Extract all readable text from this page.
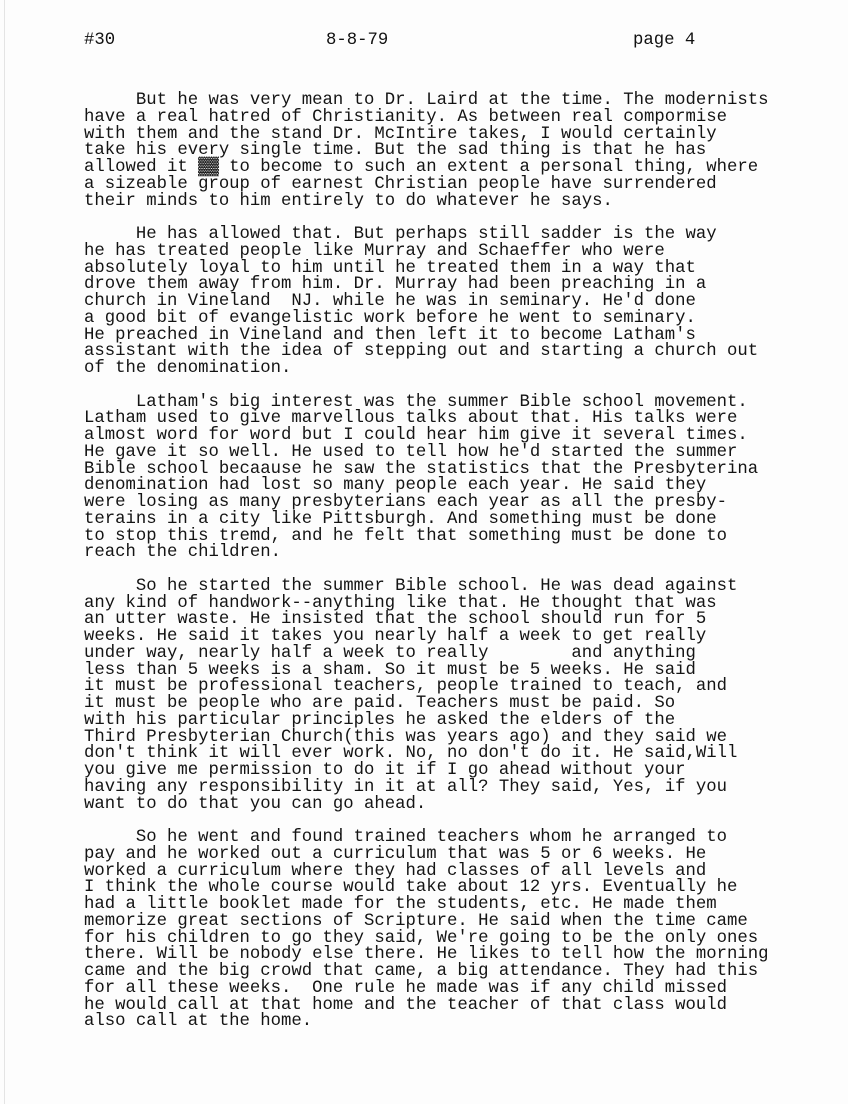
#30	8-8-79	page 4
But he was very mean to Dr. Laird at the time. The modernists
have a real hatred of Christianity. As between real compormise
with them and the stand Dr. McIntire takes, I would certainly
take his every single time. But the sad thing is that he has
allowed it ▓▓ to become to such an extent a personal thing, where
a sizeable group of earnest Christian people have surrendered
their minds to him entirely to do whatever he says.
He has allowed that. But perhaps still sadder is the way
he has treated people like Murray and Schaeffer who were
absolutely loyal to him until he treated them in a way that
drove them away from him. Dr. Murray had been preaching in a
church in Vineland  NJ. while he was in seminary. He'd done
a good bit of evangelistic work before he went to seminary.
He preached in Vineland and then left it to become Latham's
assistant with the idea of stepping out and starting a church out
of the denomination.
Latham's big interest was the summer Bible school movement.
Latham used to give marvellous talks about that. His talks were
almost word for word but I could hear him give it several times.
He gave it so well. He used to tell how he'd started the summer
Bible school becaause he saw the statistics that the Presbyterina
denomination had lost so many people each year. He said they
were losing as many presbyterians each year as all the presby-
terains in a city like Pittsburgh. And something must be done
to stop this tremd, and he felt that something must be done to
reach the children.
So he started the summer Bible school. He was dead against
any kind of handwork--anything like that. He thought that was
an utter waste. He insisted that the school should run for 5
weeks. He said it takes you nearly half a week to get really
under way, nearly half a week to really        and anything
less than 5 weeks is a sham. So it must be 5 weeks. He said
it must be professional teachers, people trained to teach, and
it must be people who are paid. Teachers must be paid. So
with his particular principles he asked the elders of the
Third Presbyterian Church(this was years ago) and they said we
don't think it will ever work. No, no don't do it. He said,Will
you give me permission to do it if I go ahead without your
having any responsibility in it at all? They said, Yes, if you
want to do that you can go ahead.
So he went and found trained teachers whom he arranged to
pay and he worked out a curriculum that was 5 or 6 weeks. He
worked a curriculum where they had classes of all levels and
I think the whole course would take about 12 yrs. Eventually he
had a little booklet made for the students, etc. He made them
memorize great sections of Scripture. He said when the time came
for his children to go they said, We're going to be the only ones
there. Will be nobody else there. He likes to tell how the morning
came and the big crowd that came, a big attendance. They had this
for all these weeks.  One rule he made was if any child missed
he would call at that home and the teacher of that class would
also call at the home.
